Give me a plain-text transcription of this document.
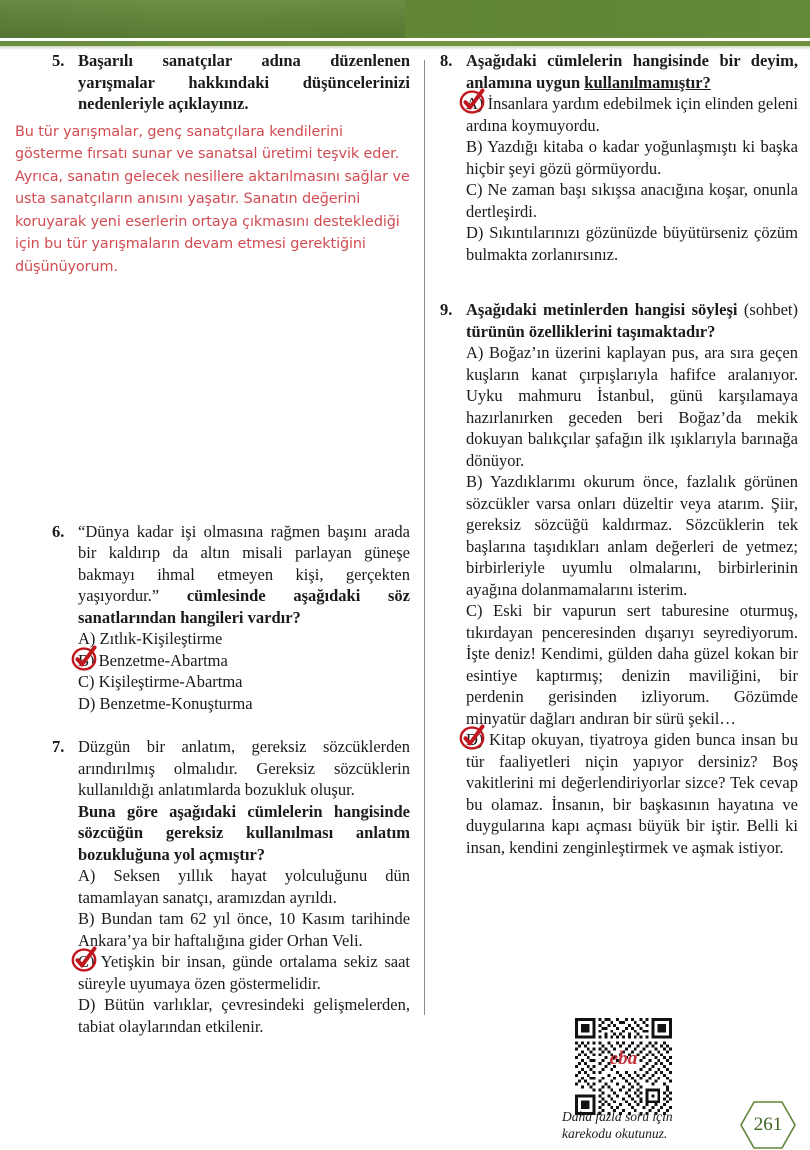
5. Başarılı sanatçılar adına düzenlenen yarışmalar hakkındaki düşüncelerinizi nedenleriyle açıklayınız.
Bu tür yarışmalar, genç sanatçılara kendilerini gösterme fırsatı sunar ve sanatsal üretimi teşvik eder. Ayrıca, sanatın gelecek nesillere aktarılmasını sağlar ve usta sanatçıların anısını yaşatır. Sanatın değerini koruyarak yeni eserlerin ortaya çıkmasını desteklediği için bu tür yarışmaların devam etmesi gerektiğini düşünüyorum.
6. “Dünya kadar işi olmasına rağmen başını arada bir kaldırıp da altın misali parlayan güneşe bakmayı ihmal etmeyen kişi, gerçekten yaşıyordur.” cümlesinde aşağıdaki söz sanatlarından hangileri vardır?
A) Zıtlık-Kişileştirme
B) Benzetme-Abartma
C) Kişileştirme-Abartma
D) Benzetme-Konuşturma
7. Düzgün bir anlatım, gereksiz sözcüklerden arındırılmış olmalıdır. Gereksiz sözcüklerin kullanıldığı anlatımlarda bozukluk oluşur.
Buna göre aşağıdaki cümlelerin hangisinde sözcüğün gereksiz kullanılması anlatım bozukluğuna yol açmıştır?
A) Seksen yıllık hayat yolculuğunu dün tamamlayan sanatçı, aramızdan ayrıldı.
B) Bundan tam 62 yıl önce, 10 Kasım tarihinde Ankara’ya bir haftalığına gider Orhan Veli.
C) Yetişkin bir insan, günde ortalama sekiz saat süreyle uyumaya özen göstermelidir.
D) Bütün varlıklar, çevresindeki gelişmelerden, tabiat olaylarından etkilenir.
8. Aşağıdaki cümlelerin hangisinde bir deyim, anlamına uygun kullanılmamıştır?
A) İnsanlara yardım edebilmek için elinden geleni ardına koymuyordu.
B) Yazdığı kitaba o kadar yoğunlaşmıştı ki başka hiçbir şeyi gözü görmüyordu.
C) Ne zaman başı sıkışsa anacığına koşar, onunla dertleşirdi.
D) Sıkıntılarınızı gözünüzde büyütürseniz çözüm bulmakta zorlanırsınız.
9. Aşağıdaki metinlerden hangisi söyleşi (sohbet) türünün özelliklerini taşımaktadır?
A) Boğaz’ın üzerini kaplayan pus, ara sıra geçen kuşların kanat çırpışlarıyla hafifce aralanıyor. Uyku mahmuru İstanbul, günü karşılamaya hazırlanırken geceden beri Boğaz’da mekik dokuyan balıkçılar şafağın ilk ışıklarıyla barınağa dönüyor.
B) Yazdıklarımı okurum önce, fazlalık görünen sözcükler varsa onları düzeltir veya atarım. Şiir, gereksiz sözcüğü kaldırmaz. Sözcüklerin tek başlarına taşıdıkları anlam değerleri de yetmez; birbirleriyle uyumlu olmalarını, birbirlerinin ayağına dolanmamalarını isterim.
C) Eski bir vapurun sert taburesine oturmuş, tıkırdayan penceresinden dışarıyı seyrediyorum. İşte deniz! Kendimi, gülden daha güzel kokan bir esintiye kaptırmış; denizin maviliğini, bir perdenin gerisinden izliyorum. Gözümde minyatür dağları andıran bir sürü şekil…
D) Kitap okuyan, tiyatroya giden bunca insan bu tür faaliyetleri niçin yapıyor dersiniz? Boş vakitlerini mi değerlendiriyorlar sizce? Tek cevap bu olamaz. İnsanın, bir başkasının hayatına ve duygularına kapı açması büyük bir iştir. Belli ki insan, kendini zenginleştirmek ve aşmak istiyor.
eba
Daha fazla soru için
karekodu okutunuz.	261
